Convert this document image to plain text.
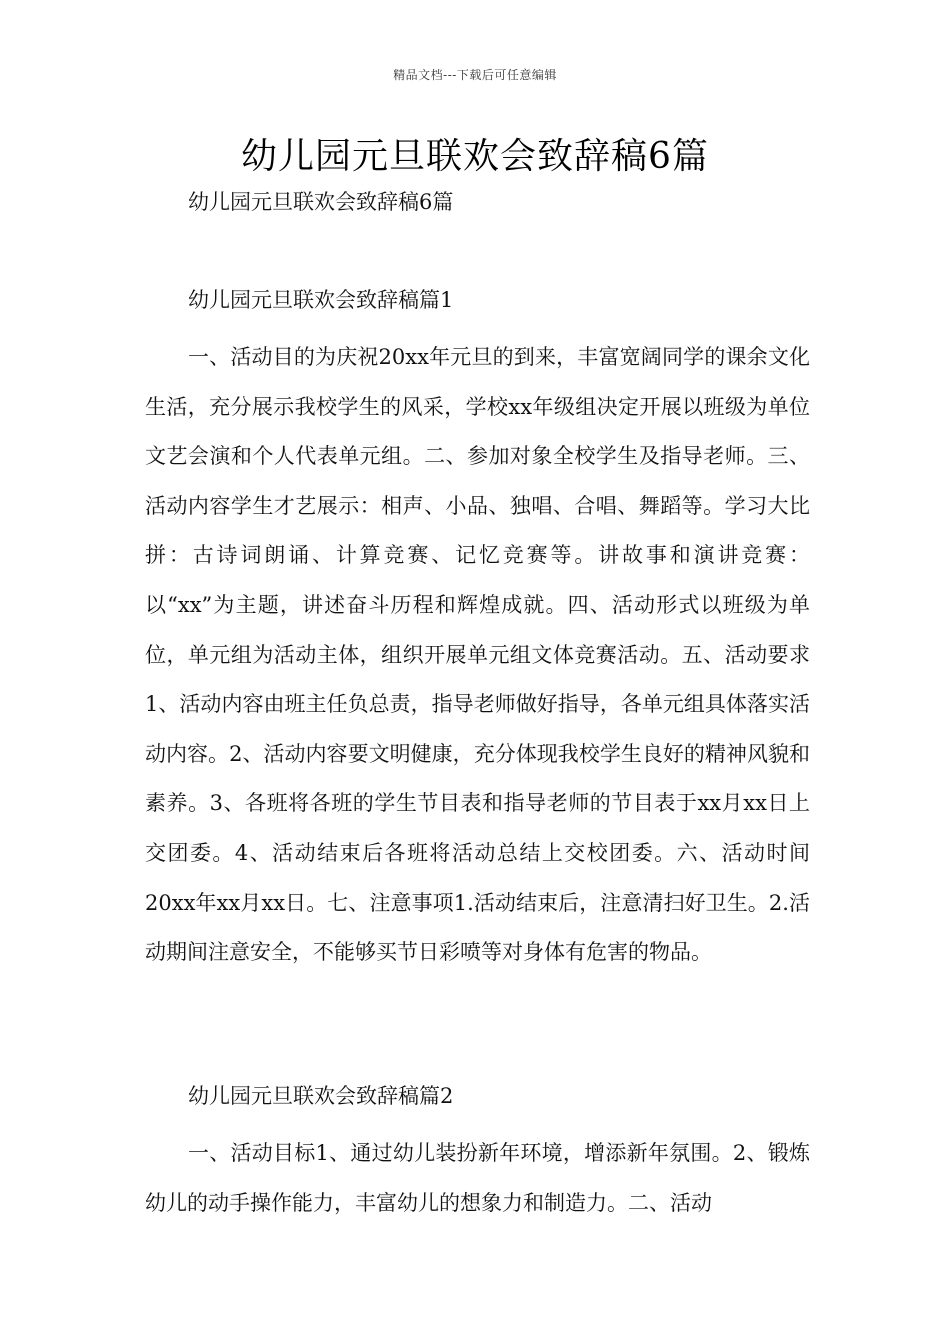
精品文档---下载后可任意编辑
幼儿园元旦联欢会致辞稿6篇
幼儿园元旦联欢会致辞稿6篇

幼儿园元旦联欢会致辞稿篇1

一、活动目的为庆祝20xx年元旦的到来，丰富宽阔同学的课余文化生活，充分展示我校学生的风采，学校xx年级组决定开展以班级为单位文艺会演和个人代表单元组。二、参加对象全校学生及指导老师。三、活动内容学生才艺展示：相声、小品、独唱、合唱、舞蹈等。学习大比拼：古诗词朗诵、计算竞赛、记忆竞赛等。讲故事和演讲竞赛：以“xx”为主题，讲述奋斗历程和辉煌成就。四、活动形式以班级为单位，单元组为活动主体，组织开展单元组文体竞赛活动。五、活动要求1、活动内容由班主任负总责，指导老师做好指导，各单元组具体落实活动内容。2、活动内容要文明健康，充分体现我校学生良好的精神风貌和素养。3、各班将各班的学生节目表和指导老师的节目表于xx月xx日上交团委。4、活动结束后各班将活动总结上交校团委。六、活动时间20xx年xx月xx日。七、注意事项1.活动结束后，注意清扫好卫生。2.活动期间注意安全，不能够买节日彩喷等对身体有危害的物品。

幼儿园元旦联欢会致辞稿篇2

一、活动目标1、通过幼儿装扮新年环境，增添新年氛围。2、锻炼幼儿的动手操作能力，丰富幼儿的想象力和制造力。二、活动
